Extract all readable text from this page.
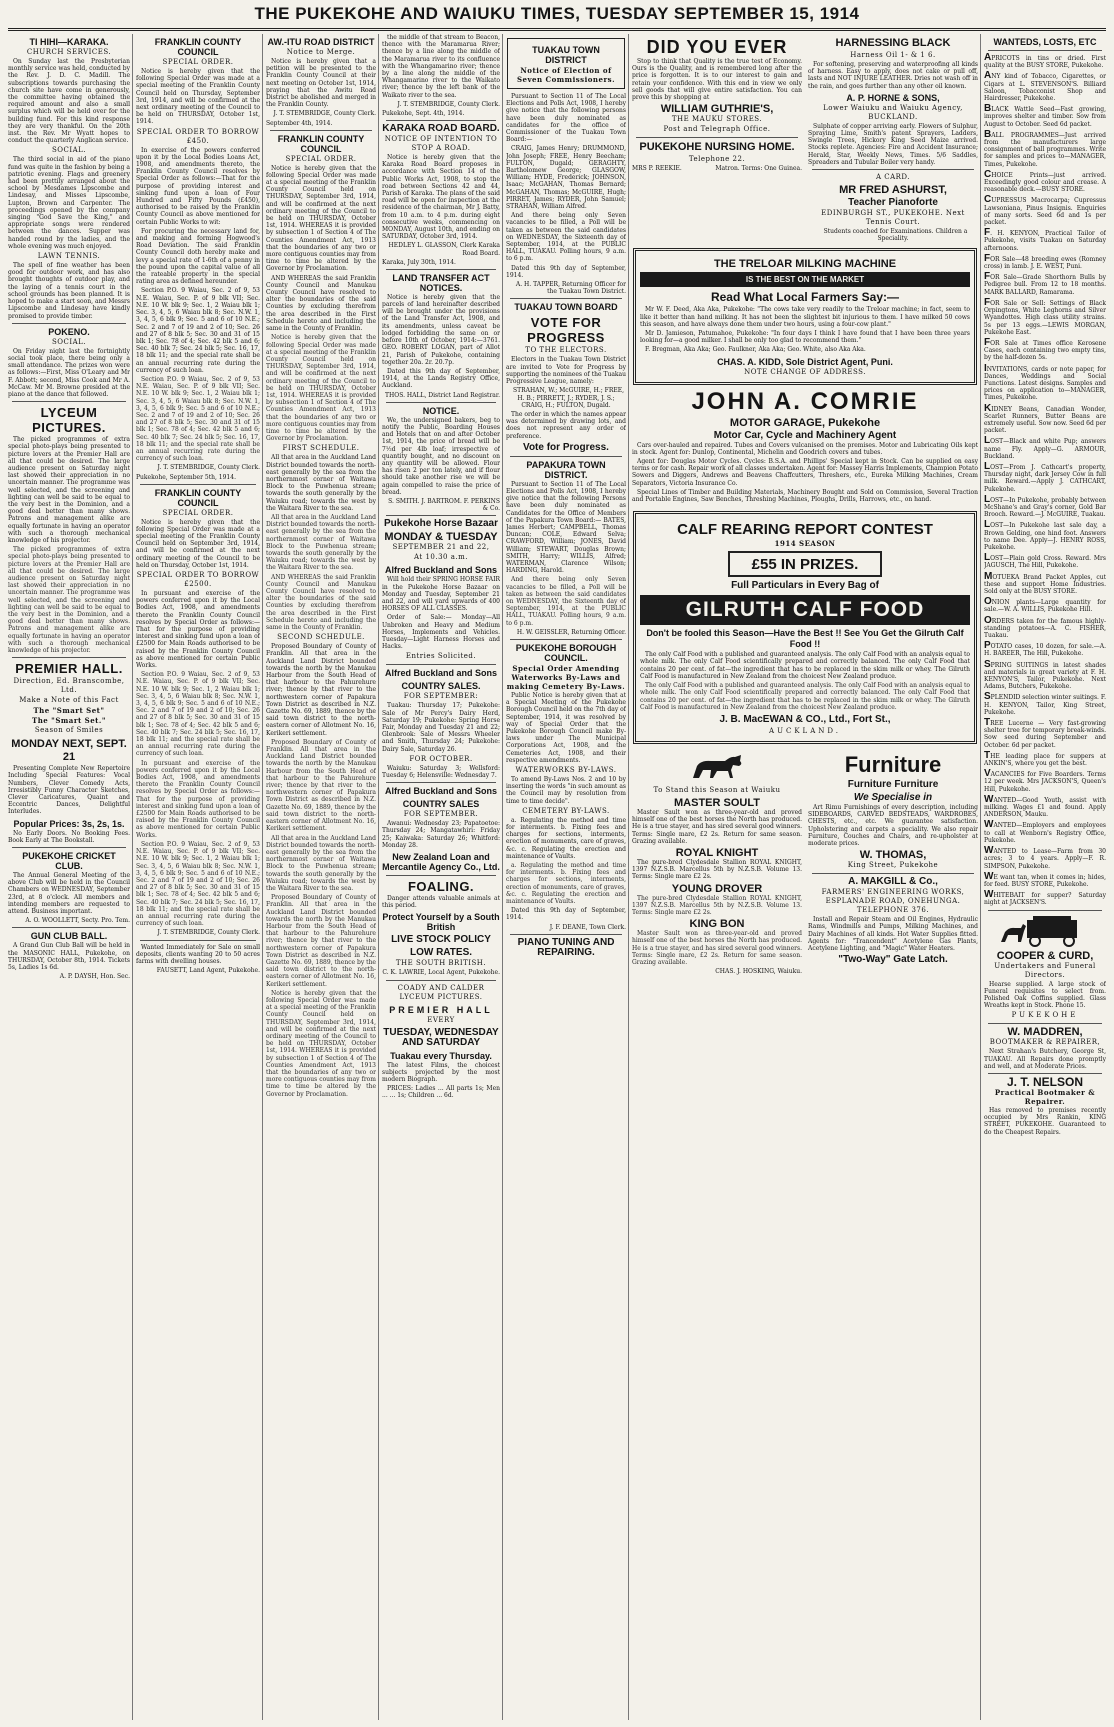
THE PUKEKOHE AND WAIUKU TIMES, TUESDAY SEPTEMBER 15, 1914
TI HIHI—KARAKA.
CHURCH SERVICES.

On Sunday last the Presbyterian monthly service was held, conducted by the Rev. J. D. C. Madill. The subscriptions towards purchasing the church site have come in generously, the committee having obtained the required amount and also a small surplus which will be held over for the building fund. For this kind response they are very thankful. On the 20th inst. the Rev. Mr Wyatt hopes to conduct the quarterly Anglican service.

SOCIAL.

The third social in aid of the piano fund was quite in the fashion by being a patriotic evening. Flags and greenery had been prettily arranged about the school by Mesdames Lipscombe and Lindesay, and Misses Lipscombe, Lupton, Brown and Carpenter. The proceedings opened by the company singing "God Save the King," and appropriate songs were rendered between the dances. Supper was handed round by the ladies, and the whole evening was much enjoyed.

LAWN TENNIS.

The spell of fine weather has been good for outdoor work, and has also brought thoughts of outdoor play, and the laying of a tennis court in the school grounds has been planned. It is hoped to make a start soon, and Messrs Lipscombe and Lindesay have kindly promised to provide timber.

POKENO.
SOCIAL.

On Friday night last the fortnightly social took place, there being only a small attendance. The prizes won were as follows:—First, Miss O'Leary and Mr F. Abbott; second, Miss Cook and Mr A. McCaw. Mr M. Browne presided at the piano at the dance that followed.

LYCEUM PICTURES.

The picked programmes of extra special photo-plays being presented to picture lovers at the Premier Hall are all that could be desired. The large audience present on Saturday night last showed their appreciation in no uncertain manner. The programme was well selected, and the screening and lighting can well be said to be equal to the very best in the Dominion, and a good deal better than many shows. Patrons and management alike are equally fortunate in having an operator with such a thorough mechanical knowledge of his projector.

The picked programmes of extra special photo-plays being presented to picture lovers at the Premier Hall are all that could be desired. The large audience present on Saturday night last showed their appreciation in no uncertain manner. The programme was well selected, and the screening and lighting can well be said to be equal to the very best in the Dominion, and a good deal better than many shows. Patrons and management alike are equally fortunate in having an operator with such a thorough mechanical knowledge of his projector.

PREMIER HALL.
Direction, Ed. Branscombe, Ltd.
Make a Note of this Fact
The "Smart Set"
The "Smart Set."
Season of Smiles
MONDAY NEXT, SEPT. 21

Presenting Complete New Repertoire Including Special Features: Vocal Numbers, Clever Comedy Acts, Irresistibly Funny Character Sketches, Clever Caricatures, Quaint and Eccentric Dances, Delightful Interludes.

Popular Prices: 3s, 2s, 1s.

No Early Doors. No Booking Fees. Book Early at The Bookstall.

PUKEKOHE CRICKET CLUB.

The Annual General Meeting of the above Club will be held in the Council Chambers on WEDNESDAY, September 23rd, at 8 o'clock. All members and intending members are requested to attend. Business important.

A. O. WOOLLETT, Secty. Pro. Tem.
GUN CLUB BALL.

A Grand Gun Club Ball will be held in the MASONIC HALL, Pukekohe, on THURSDAY, October 8th, 1914. Tickets 5s, Ladies 1s 6d.

A. P. DAYSH, Hon. Sec.
FRANKLIN COUNTY COUNCIL
SPECIAL ORDER.

Notice is hereby given that the following Special Order was made at a special meeting of the Franklin County Council held on Thursday, September 3rd, 1914, and will be confirmed at the next ordinary meeting of the Council to be held on THURSDAY, October 1st, 1914.

SPECIAL ORDER TO BORROW £450.

In exercise of the powers conferred upon it by the Local Bodies Loans Act, 1908, and amendments thereto, the Franklin County Council resolves by Special Order as follows:—That for the purpose of providing interest and sinking fund upon a loan of Four Hundred and Fifty Pounds (£450), authorised to be raised by the Franklin County Council as above mentioned for certain Public Works to wit:

For procuring the necessary land for, and making and forming Hogwood's Road Deviation. The said Franklin County Council doth hereby make and levy a special rate of 1-6th of a penny in the pound upon the capital value of all the rateable property in the special rating area as defined hereunder.

Section P.O. 9 Waiau, Sec. 2 of 9, 53 N.E. Waiau, Sec. P. of 9 blk VII; Sec. N.E. 10 W. blk 9; Sec. 1, 2 Waiau blk 1; Sec. 3, 4, 5, 6 Waiau blk 8; Sec. N.W. 1, 3, 4, 5, 6 blk 9; Sec. 5 and 6 of 10 N.E.; Sec. 2 and 7 of 19 and 2 of 10; Sec. 26 and 27 of 8 blk 5; Sec. 30 and 31 of 15 blk 1; Sec. 78 of 4; Sec. 42 blk 5 and 6; Sec. 40 blk 7; Sec. 24 blk 5; Sec. 16, 17, 18 blk 11; and the special rate shall be an annual recurring rate during the currency of such loan.

Section P.O. 9 Waiau, Sec. 2 of 9, 53 N.E. Waiau, Sec. P. of 9 blk VII; Sec. N.E. 10 W. blk 9; Sec. 1, 2 Waiau blk 1; Sec. 3, 4, 5, 6 Waiau blk 8; Sec. N.W. 1, 3, 4, 5, 6 blk 9; Sec. 5 and 6 of 10 N.E.; Sec. 2 and 7 of 19 and 2 of 10; Sec. 26 and 27 of 8 blk 5; Sec. 30 and 31 of 15 blk 1; Sec. 78 of 4; Sec. 42 blk 5 and 6; Sec. 40 blk 7; Sec. 24 blk 5; Sec. 16, 17, 18 blk 11; and the special rate shall be an annual recurring rate during the currency of such loan.

J. T. STEMBRIDGE, County Clerk.
Pukekohe, September 5th, 1914.
FRANKLIN COUNTY COUNCIL
SPECIAL ORDER.

Notice is hereby given that the following Special Order was made at a special meeting of the Franklin County Council held on September 3rd, 1914, and will be confirmed at the next ordinary meeting of the Council to be held on Thursday, October 1st, 1914.

SPECIAL ORDER TO BORROW £2500.

In pursuant and exercise of the powers conferred upon it by the Local Bodies Act, 1908, and amendments thereto the Franklin County Council resolves by Special Order as follows:—That for the purpose of providing interest and sinking fund upon a loan of £2500 for Main Roads authorised to be raised by the Franklin County Council as above mentioned for certain Public Works.

Section P.O. 9 Waiau, Sec. 2 of 9, 53 N.E. Waiau, Sec. P. of 9 blk VII; Sec. N.E. 10 W. blk 9; Sec. 1, 2 Waiau blk 1; Sec. 3, 4, 5, 6 Waiau blk 8; Sec. N.W. 1, 3, 4, 5, 6 blk 9; Sec. 5 and 6 of 10 N.E.; Sec. 2 and 7 of 19 and 2 of 10; Sec. 26 and 27 of 8 blk 5; Sec. 30 and 31 of 15 blk 1; Sec. 78 of 4; Sec. 42 blk 5 and 6; Sec. 40 blk 7; Sec. 24 blk 5; Sec. 16, 17, 18 blk 11; and the special rate shall be an annual recurring rate during the currency of such loan.

In pursuant and exercise of the powers conferred upon it by the Local Bodies Act, 1908, and amendments thereto the Franklin County Council resolves by Special Order as follows:—That for the purpose of providing interest and sinking fund upon a loan of £2500 for Main Roads authorised to be raised by the Franklin County Council as above mentioned for certain Public Works.

Section P.O. 9 Waiau, Sec. 2 of 9, 53 N.E. Waiau, Sec. P. of 9 blk VII; Sec. N.E. 10 W. blk 9; Sec. 1, 2 Waiau blk 1; Sec. 3, 4, 5, 6 Waiau blk 8; Sec. N.W. 1, 3, 4, 5, 6 blk 9; Sec. 5 and 6 of 10 N.E.; Sec. 2 and 7 of 19 and 2 of 10; Sec. 26 and 27 of 8 blk 5; Sec. 30 and 31 of 15 blk 1; Sec. 78 of 4; Sec. 42 blk 5 and 6; Sec. 40 blk 7; Sec. 24 blk 5; Sec. 16, 17, 18 blk 11; and the special rate shall be an annual recurring rate during the currency of such loan.

J. T. STEMBRIDGE, County Clerk.

Wanted Immediately for Sale on small deposits, clients wanting 20 to 50 acres farms with dwelling houses.

FAUSETT, Land Agent, Pukekohe.
AW.-ITU ROAD DISTRICT
Notice to Merge.

Notice is hereby given that a petition will be presented to the Franklin County Council at their next meeting on October 1st, 1914, praying that the Awitu Road District be abolished and merged in the Franklin County.

J. T. STEMBRIDGE, County Clerk.
September 4th, 1914.
FRANKLIN COUNTY COUNCIL
SPECIAL ORDER.

Notice is hereby given that the following Special Order was made at a special meeting of the Franklin County Council held on THURSDAY, September 3rd, 1914, and will be confirmed at the next ordinary meeting of the Council to be held on THURSDAY, October 1st, 1914. WHEREAS it is provided by subsection 1 of Section 4 of The Counties Amendment Act, 1913 that the boundaries of any two or more contiguous counties may from time to time be altered by the Governor by Proclamation.

AND WHEREAS the said Franklin County Council and Manukau County Council have resolved to alter the boundaries of the said Counties by excluding therefrom the area described in the First Schedule hereto and including the same in the County of Franklin.

Notice is hereby given that the following Special Order was made at a special meeting of the Franklin County Council held on THURSDAY, September 3rd, 1914, and will be confirmed at the next ordinary meeting of the Council to be held on THURSDAY, October 1st, 1914. WHEREAS it is provided by subsection 1 of Section 4 of The Counties Amendment Act, 1913 that the boundaries of any two or more contiguous counties may from time to time be altered by the Governor by Proclamation.

FIRST SCHEDULE.

All that area in the Auckland Land District bounded towards the north-east generally by the sea from the northernmost corner of Waitawa Block to the Puwhenua stream; towards the south generally by the Waiuku road; towards the west by the Waitara River to the sea.

All that area in the Auckland Land District bounded towards the north-east generally by the sea from the northernmost corner of Waitawa Block to the Puwhenua stream; towards the south generally by the Waiuku road; towards the west by the Waitara River to the sea.

AND WHEREAS the said Franklin County Council and Manukau County Council have resolved to alter the boundaries of the said Counties by excluding therefrom the area described in the First Schedule hereto and including the same in the County of Franklin.

SECOND SCHEDULE.

Proposed Boundary of County of Franklin. All that area in the Auckland Land District bounded towards the north by the Manukau Harbour from the South Head of that harbour to the Pahurehure river; thence by that river to the northwestern corner of Papakura Town District as described in N.Z. Gazette No. 69, 1889, thence by the said town district to the north-eastern corner of Allotment No. 16, Kerikeri settlement.

Proposed Boundary of County of Franklin. All that area in the Auckland Land District bounded towards the north by the Manukau Harbour from the South Head of that harbour to the Pahurehure river; thence by that river to the northwestern corner of Papakura Town District as described in N.Z. Gazette No. 69, 1889, thence by the said town district to the north-eastern corner of Allotment No. 16, Kerikeri settlement.

All that area in the Auckland Land District bounded towards the north-east generally by the sea from the northernmost corner of Waitawa Block to the Puwhenua stream; towards the south generally by the Waiuku road; towards the west by the Waitara River to the sea.

Proposed Boundary of County of Franklin. All that area in the Auckland Land District bounded towards the north by the Manukau Harbour from the South Head of that harbour to the Pahurehure river; thence by that river to the northwestern corner of Papakura Town District as described in N.Z. Gazette No. 69, 1889, thence by the said town district to the north-eastern corner of Allotment No. 16, Kerikeri settlement.

Notice is hereby given that the following Special Order was made at a special meeting of the Franklin County Council held on THURSDAY, September 3rd, 1914, and will be confirmed at the next ordinary meeting of the Council to be held on THURSDAY, October 1st, 1914. WHEREAS it is provided by subsection 1 of Section 4 of The Counties Amendment Act, 1913 that the boundaries of any two or more contiguous counties may from time to time be altered by the Governor by Proclamation.

the middle of that stream to Beacon, thence with the Maramarua River; thence by a line along the middle of the Maramarua river to its confluence with the Whangamarino river; thence by a line along the middle of the Whangamarino river to the Waikato river; thence by the left bank of the Waikato river to the sea.

J. T. STEMBRIDGE, County Clerk.
Pukekohe, Sept. 4th, 1914.
KARAKA ROAD BOARD.
NOTICE OF INTENTION TO STOP A ROAD.

Notice is hereby given that the Karaka Road Board proposes in accordance with Section 14 of the Public Works Act, 1908, to stop the road between Sections 42 and 44, Parish of Karaka. The plans of the said road will be open for inspection at the residence of the chairman, Mr J. Batty, from 10 a.m. to 4 p.m. during eight consecutive weeks, commencing on MONDAY, August 10th, and ending on SATURDAY, October 3rd, 1914.

HEDLEY L. GLASSON, Clerk Karaka Road Board.
Karaka, July 30th, 1914.
LAND TRANSFER ACT NOTICES.

Notice is hereby given that the parcels of land hereinafter described will be brought under the provisions of the Land Transfer Act, 1908, and its amendments, unless caveat be lodged forbidding the same on or before 10th of October, 1914:—3761. GEO. ROBERT LOGAN, part of Allot 21, Parish of Pukekohe, containing together 20a. 2r. 20.7p.

Dated this 9th day of September, 1914, at the Lands Registry Office, Auckland.

THOS. HALL, District Land Registrar.
NOTICE.

We, the undersigned bakers, beg to notify the Public, Boarding Houses and Hotels that on and after October 1st, 1914, the price of bread will be 7½d per 4lb loaf; irrespective of quantity bought, and no discount on any quantity will be allowed. Flour has risen 2 per ton lately, and if flour should take another rise we will be again compelled to raise the price of bread.

S. SMITH. J. BARTROM. F. PERKINS & Co.
Pukekohe Horse Bazaar
MONDAY & TUESDAY
SEPTEMBER 21 and 22,
At 10.30 a.m.
Alfred Buckland and Sons

Will hold their SPRING HORSE FAIR in the Pukekohe Horse Bazaar on Monday and Tuesday, September 21 and 22, and will yard upwards of 400 HORSES OF ALL CLASSES.

Order of Sale:— Monday—All Unbroken and Heavy and Medium Horses, Implements and Vehicles. Tuesday—Light Harness Horses and Hacks.

Entries Solicited.
Alfred Buckland and Sons
COUNTRY SALES.
FOR SEPTEMBER:

Tuakau: Thursday 17; Pukekohe: Sale of Mr Percy's Dairy Herd, Saturday 19; Pukekohe: Spring Horse Fair, Monday and Tuesday 21 and 22; Glenbrook: Sale of Messrs Wheeler and Smith, Thursday 24; Pukekohe: Dairy Sale, Saturday 26.

FOR OCTOBER.

Waiuku: Saturday 3; Wellsford: Tuesday 6; Helensville: Wednesday 7.

Alfred Buckland and Sons
COUNTRY SALES
FOR SEPTEMBER.

Awanui: Wednesday 23; Papatoetoe: Thursday 24; Mangatawhiri: Friday 25; Kaiwaka: Saturday 26; Whitford: Monday 28.

New Zealand Loan and Mercantile Agency Co., Ltd.
FOALING.

Danger attends valuable animals at this period.

Protect Yourself by a South British
LIVE STOCK POLICY
LOW RATES.
THE SOUTH BRITISH.
C. K. LAWRIE, Local Agent, Pukekohe.
COADY AND CALDER LYCEUM PICTURES.
PREMIER HALL
EVERY
TUESDAY, WEDNESDAY AND SATURDAY
Tuakau every Thursday.

The latest Films, the choicest subjects projected by the most modern Biograph.

PRICES: Ladies ... All parts 1s; Men ... ... 1s; Children ... 6d.

TUAKAU TOWN DISTRICT
Notice of Election of Seven Commissioners.

Pursuant to Section 11 of The Local Elections and Polls Act, 1908, I hereby give notice that the following persons have been duly nominated as candidates for the office of Commissioner of the Tuakau Town Board:—

CRAIG, James Henry; DRUMMOND, John Joseph; FREE, Henry Beecham; FULTON, Dugald; GERAGHTY, Bartholomew George; GLASGOW, William; HYDE, Frederick; JOHNSON, Isaac; McGAHAN, Thomas Bernard; McGAHAN, Thomas; McGUIRE, Hugh; PIRRET, James; RYDER, John Samuel; STRAHAN, William Alfred.

And there being only Seven vacancies to be filled, a Poll will be taken as between the said candidates on WEDNESDAY, the Sixteenth day of September, 1914, at the PUBLIC HALL, TUAKAU. Polling hours, 9 a.m. to 6 p.m.

Dated this 9th day of September, 1914.

A. H. TAPPER, Returning Officer for the Tuakau Town District.
TUAKAU TOWN BOARD
VOTE FOR PROGRESS
TO THE ELECTORS.

Electors in the Tuakau Town District are invited to Vote for Progress by supporting the nominees of the Tuakau Progressive League, namely:

STRAHAN, W.; McGUIRE, H.; FREE, H. B.; PIRRETT, J.; RYDER, J. S.; CRAIG, H.; FULTON, Dugald.

The order in which the names appear was determined by drawing lots, and does not represent any order of preference.

Vote for Progress.
PAPAKURA TOWN DISTRICT.

Pursuant to Section 11 of The Local Elections and Polls Act, 1908, I hereby give notice that the following Persons have been duly nominated as Candidates for the Office of Members of the Papakura Town Board:— BATES, James Herbert; CAMPBELL, Thomas Duncan; COLE, Edward Selva; CRAWFORD, William; JONES, David William; STEWART, Douglas Brown; SMITH, Harry; WILLIS, Alfred; WATERMAN, Clarence Wilson; HARDING, Harold.

And there being only Seven vacancies to be filled, a Poll will be taken as between the said candidates on WEDNESDAY, the Sixteenth day of September, 1914, at the PUBLIC HALL, TUAKAU. Polling hours, 9 a.m. to 6 p.m.

H. W. GEISSLER, Returning Officer.
PUKEKOHE BOROUGH COUNCIL.
Special Order Amending Waterworks By-Laws and making Cemetery By-Laws.

Public Notice is hereby given that at a Special Meeting of the Pukekohe Borough Council held on the 7th day of September, 1914, it was resolved by way of Special Order that the Pukekohe Borough Council make By-laws under The Municipal Corporations Act, 1908, and the Cemeteries Act, 1908, and their respective amendments.

WATERWORKS BY-LAWS.

To amend By-Laws Nos. 2 and 10 by inserting the words "in such amount as the Council may by resolution from time to time decide".

CEMETERY BY-LAWS.

a. Regulating the method and time for interments. b. Fixing fees and charges for sections, interments, erection of monuments, care of graves, &c. c. Regulating the erection and maintenance of Vaults.

a. Regulating the method and time for interments. b. Fixing fees and charges for sections, interments, erection of monuments, care of graves, &c. c. Regulating the erection and maintenance of Vaults.

Dated this 9th day of September, 1914.

J. F. DEANE, Town Clerk.
PIANO TUNING AND REPAIRING.
DID YOU EVER

Stop to think that Quality is the true test of Economy. Ours is the Quality, and is remembered long after the price is forgotten. It is to our interest to gain and retain your confidence. With this end in view we only sell goods that will give entire satisfaction. You can prove this by shopping at

WILLIAM GUTHRIE'S,
THE MAUKU STORES.
Post and Telegraph Office.
PUKEKOHE NURSING HOME.
Telephone 22.
MRS P. REEKIE.	Matron. Terms: One Guinea.
HARNESSING BLACK
Harness Oil 1- & 1 6.

For softening, preserving and waterproofing all kinds of harness. Easy to apply, does not cake or pull off, lasts and NOT INJURE LEATHER. Dries not wash off in the rain, and goes further than any other oil known.

A. P. HORNE & SONS,
Lower Waiuku and Waiuku Agency, BUCKLAND.

Sulphate of copper arriving early. Flowers of Sulphur, Spraying Lime, Smith's patent Sprayers, Ladders, Swingle Trees, Hickory King Seed Maize arrived. Stocks replete. Agencies: Fire and Accident Insurance; Herald, Star, Weekly News, Times. 5/6 Saddles, Spreaders and Tubular Boiler very handy.

A CARD.
MR FRED ASHURST,
Teacher Pianoforte
EDINBURGH ST., PUKEKOHE. Next Tennis Court.

Students coached for Examinations. Children a Speciality.

THE TRELOAR MILKING MACHINE
IS THE BEST ON THE MARKET
Read What Local Farmers Say:—

Mr W. F. Deed, Aka Aka, Pukekohe: "The cows take very readily to the Treloar machine; in fact, seem to like it better than hand milking. It has not been the slightest bit injurious to them. I have milked 50 cows this season, and have always done them under two hours, using a four-cow plant."

Mr D. Jamieson, Patumahoe, Pukekohe: "In four days I think I have found that I have been three years looking for—a good milker. I shall be only too glad to recommend them."

F. Bregman, Aka Aka; Geo. Faulkner, Aka Aka; Geo. White, also Aka Aka.

CHAS. A. KIDD, Sole District Agent, Puni.
NOTE CHANGE OF ADDRESS.
JOHN A. COMRIE
MOTOR GARAGE, Pukekohe
Motor Car, Cycle and Machinery Agent

Cars over-hauled and repaired. Tubes and Covers vulcanised on the premises. Motor and Lubricating Oils kept in stock. Agent for: Dunlop, Continental, Michelin and Goodrich covers and tubes.

Agent for: Douglas Motor Cycles. Cycles: B.S.A. and Phillips' Special kept in Stock. Can be supplied on easy terms or for cash. Repair work of all classes undertaken. Agent for: Massey Harris Implements, Champion Potato Sowers and Diggers, Andrews and Beavens Chaffcutters, Threshers, etc., Eureka Milking Machines, Cream Separators, Victoria Insurance Co.

Special Lines of Timber and Building Materials, Machinery Bought and Sold on Commission, Several Traction and Portable Engines, Saw Benches, Threshing Machines, Ploughs, Drills, Harrows, etc., on hand.

CALF REARING REPORT CONTEST
1914 SEASON
£55 IN PRIZES.
Full Particulars in Every Bag of
GILRUTH CALF FOOD
Don't be fooled this Season—Have the Best !! See You Get the Gilruth Calf Food !!

The only Calf Food with a published and guaranteed analysis. The only Calf Food with an analysis equal to whole milk. The only Calf Food scientifically prepared and correctly balanced. The only Calf Food that contains 20 per cent. of fat—the ingredient that has to be replaced in the skim milk or whey. The Gilruth Calf Food is manufactured in New Zealand from the choicest New Zealand produce.

The only Calf Food with a published and guaranteed analysis. The only Calf Food with an analysis equal to whole milk. The only Calf Food scientifically prepared and correctly balanced. The only Calf Food that contains 20 per cent. of fat—the ingredient that has to be replaced in the skim milk or whey. The Gilruth Calf Food is manufactured in New Zealand from the choicest New Zealand produce.

J. B. MacEWAN & CO., Ltd., Fort St.,
AUCKLAND.
To Stand this Season at Waiuku
MASTER SOULT

Master Sault won as three-year-old and proved himself one of the best horses the North has produced. He is a true stayer, and has sired several good winners. Terms: Single mare, £2 2s. Return for same season. Grazing available.

ROYAL KNIGHT

The pure-bred Clydesdale Stallion ROYAL KNIGHT, 1397 N.Z.S.B. Marcellus 5th by N.Z.S.B. Volume 13. Terms: Single mare £2 2s.

YOUNG DROVER

The pure-bred Clydesdale Stallion ROYAL KNIGHT, 1397 N.Z.S.B. Marcellus 5th by N.Z.S.B. Volume 13. Terms: Single mare £2 2s.

KING BON

Master Sault won as three-year-old and proved himself one of the best horses the North has produced. He is a true stayer, and has sired several good winners. Terms: Single mare, £2 2s. Return for same season. Grazing available.

CHAS. J. HOSKING, Waiuku.
Furniture
Furniture Furniture
We Specialise in

Art Rimu Furnishings of every description, including SIDEBOARDS, CARVED BEDSTEADS, WARDROBES, CHESTS, etc., etc. We guarantee satisfaction. Upholstering and carpets a speciality. We also repair Furniture, Couches and Chairs, and re-upholster at moderate prices.

W. THOMAS,
King Street, Pukekohe
A. MAKGILL & Co.,
FARMERS' ENGINEERING WORKS, ESPLANADE ROAD, ONEHUNGA. TELEPHONE 376.

Install and Repair Steam and Oil Engines, Hydraulic Rams, Windmills and Pumps, Milking Machines, and Dairy Machines of all kinds. Hot Water Supplies fitted. Agents for: "Trancendent" Acetylene Gas Plants, Acetylene Lighting, and "Magic" Water Heaters.

"Two-Way" Gate Latch.
WANTEDS, LOSTS, ETC

APRICOTS in tins or dried. First quality at the BUSY STORE, Pukekohe.

ANY kind of Tobacco, Cigarettes, or Cigars at L. STEVENSON'S. Billiard Saloon, Tobacconist Shop and Hairdresser, Pukekohe.

BLACK Wattle Seed—Fast growing, improves shelter and timber. Sow from August to October. Seed 6d packet.

BALL PROGRAMMES—Just arrived from the manufacturers large consignment of ball programmes. Write for samples and prices to—MANAGER, Times, Pukekohe.

CHOICE Prints—just arrived. Exceedingly good colour and crease. A reasonable deck.—BUSY STORE.

CUPRESSUS Macrocarpa; Cupressus Lawsoniana, Pinus Insignis. Enquiries of many sorts. Seed 6d and 1s per packet.

F. H. KENYON, Practical Tailor of Pukekohe, visits Tuakau on Saturday afternoons.

FOR Sale—48 breeding ewes (Romney cross) in lamb. J. E. WEST, Puni.

FOR Sale—Grade Shorthorn Bulls by Pedigree bull. From 12 to 18 months. MARK BALLARD, Ramarama.

FOR Sale or Sell: Settings of Black Orpingtons, White Leghorns and Silver Wyandottes. High class utility strains. 5s per 13 eggs.—LEWIS MORGAN, Pukekohe East.

FOR Sale at Times office Kerosene Cases, each containing two empty tins, by the half-dozen 5s.

INVITATIONS, cards or note paper, for Dances, Weddings and Social Functions. Latest designs. Samples and prices on application to—MANAGER, Times, Pukekohe.

KIDNEY Beans, Canadian Wonder, Scarlet Runners, Butter Beans are extremely useful. Sow now. Seed 6d per packet.

LOST—Black and white Pup; answers name Fly. Apply—G. ARMOUR, Buckland.

LOST—From J. Cathcart's property, Thursday night, dark Jersey Cow in full milk. Reward.—Apply J. CATHCART, Pukekohe.

LOST—In Pukekohe, probably between McShane's and Gray's corner, Gold Bar Brooch. Reward.—J. McGUIRE, Tuakau.

LOST—In Pukekohe last sale day, a Brown Gelding, one hind foot. Answers to name Dee. Apply—J. HENRY ROSS, Pukekohe.

LOST—Plain gold Cross. Reward. Mrs JAGUSCH, The Hill, Pukekohe.

MOTUEKA Brand Packet Apples, cut these and support Home Industries. Sold only at the BUSY STORE.

ONION plants—Large quantity for sale.—W. A. WILLIS, Pukekohe Hill.

ORDERS taken for the famous highly-standing potatoes—A. C. FISHER, Tuakau.

POTATO cases, 10 dozen, for sale.—A. H. BAREER, The Hill, Pukekohe.

SPRING SUITINGS in latest shades and materials in great variety at F. H. KENYON'S, Tailor, Pukekohe. Next Adams, Butchers, Pukekohe.

SPLENDID selection winter suitings. F. H. KENYON, Tailor, King Street, Pukekohe.

TREE Lucerne — Very fast-growing shelter tree for temporary break-winds. Sow seed during September and October. 6d per packet.

THE leading place for suppers at ANKIN'S, where you get the best.

VACANCIES for Five Boarders. Terms 12 per week. Mrs JACKSON'S, Queen's Hill, Pukekohe.

WANTED—Good Youth, assist with milking. Wages £1 and found. Apply ANDERSON, Mauku.

WANTED—Employers and employees to call at Wenborn's Registry Office, Pukekohe.

WANTED to Lease—Farm from 30 acres; 3 to 4 years. Apply—F. R. SIMPSON, Pukekohe.

WE want tan, when it comes in; hides, for feed. BUSY STORE, Pukekohe.

WHITEBAIT for supper? Saturday night at JACKSEN'S.

COOPER & CURD,
Undertakers and Funeral Directors.

Hearse supplied. A large stock of Funeral requisites to select from. Polished Oak Coffins supplied. Glass Wreaths kept in Stock. Phone 15.

PUKEKOHE
W. MADDREN,
BOOTMAKER & REPAIRER,

Next Strahan's Butchery, George St, TUAKAU. All Repairs done promptly and well, and at Moderate Prices.

J. T. NELSON
Practical Bootmaker & Repairer.

Has removed to premises recently occupied by Mrs Rankin, KING STREET, PUKEKOHE. Guaranteed to do the Cheapest Repairs.
